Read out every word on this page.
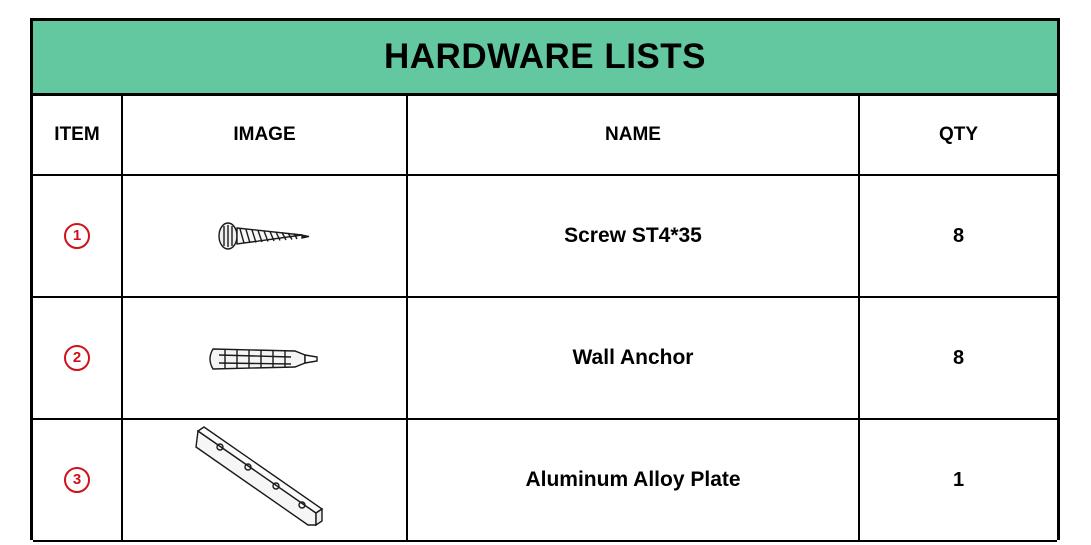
HARDWARE LISTS
ITEM	IMAGE	NAME	QTY
1		Screw ST4*35	8
2		Wall Anchor	8
3		Aluminum Alloy Plate	1
